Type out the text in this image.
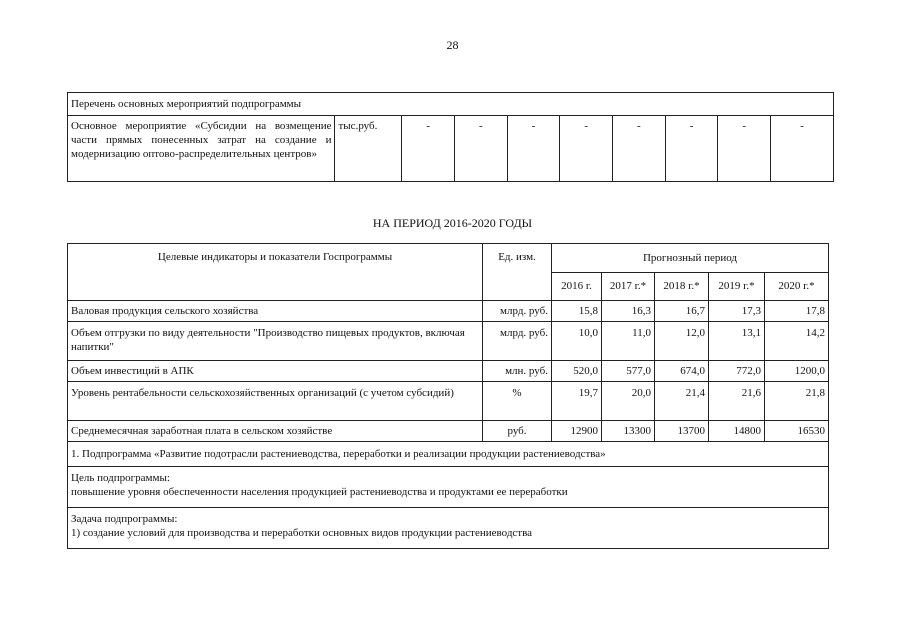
28
Перечень основных мероприятий подпрограммы
Основное мероприятие «Субсидии на возмещение части прямых понесенных затрат на создание и модернизацию оптово-распределительных центров»	тыс.руб.	-	-	-	-	-	-	-	-
НА ПЕРИОД 2016-2020 ГОДЫ
Целевые индикаторы и показатели Госпрограммы	Ед. изм.	Прогнозный период				
		2016 г.	2017 г.*	2018 г.*	2019 г.*	2020 г.*
Валовая продукция сельского хозяйства	млрд. руб.	15,8	16,3	16,7	17,3	17,8
Объем отгрузки по виду деятельности "Производство пищевых продуктов, включая напитки"	млрд. руб.	10,0	11,0	12,0	13,1	14,2
Объем инвестиций в АПК	млн. руб.	520,0	577,0	674,0	772,0	1200,0
Уровень рентабельности сельскохозяйственных организаций (с учетом субсидий)	%	19,7	20,0	21,4	21,6	21,8
Среднемесячная заработная плата в сельском хозяйстве	руб.	12900	13300	13700	14800	16530
1. Подпрограмма «Развитие подотрасли растениеводства, переработки и реализации продукции растениеводства»						

Цель подпрограммы:
повышение уровня обеспеченности населения продукцией растениеводства и продуктами ее переработки						

Задача подпрограммы:
1) создание условий для производства и переработки основных видов продукции растениеводства						
